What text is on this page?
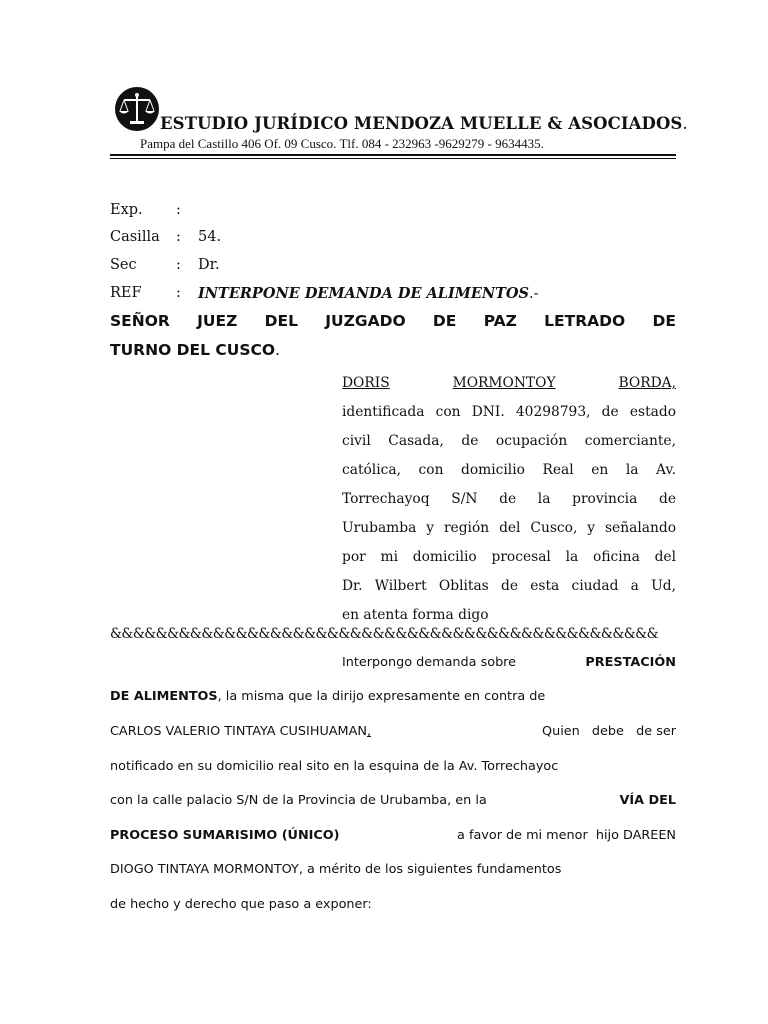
ESTUDIO JURÍDICO MENDOZA MUELLE & ASOCIADOS.
Pampa del Castillo 406 Of. 09 Cusco. Tlf. 084 - 232963 -9629279 - 9634435.
Exp. :
Casilla : 54.
Sec	: Dr.
REF : INTERPONE DEMANDA DE ALIMENTOS.-
SEÑOR JUEZ DEL JUZGADO DE PAZ LETRADO DE
TURNO DEL CUSCO.
DORIS	MORMONTOY	BORDA,
identificada con DNI. 40298793, de estado
civil Casada, de ocupación comerciante,
católica, con domicilio Real en la Av.
Torrechayoq S/N de la provincia de
Urubamba y región del Cusco, y señalando
por mi domicilio procesal la oficina del
Dr. Wilbert Oblitas de esta ciudad a Ud,
en atenta forma digo
&&&&&&&&&&&&&&&&&&&&&&&&&&&&&&&&&&&&&&&&&&&&&&&&
Interpongo demanda sobre	PRESTACIÓN
DE ALIMENTOS, la misma que la dirijo expresamente en contra de
CARLOS VALERIO TINTAYA CUSIHUAMAN ,	Quien   debe   de ser
notificado en su domicilio real sito en la esquina de la Av. Torrechayoc
con la calle palacio S/N de la Provincia de Urubamba, en la	VÍA DEL
PROCESO SUMARISIMO (ÚNICO)	a favor de mi menor  hijo DAREEN
DIOGO TINTAYA MORMONTOY, a mérito de los siguientes fundamentos
de hecho y derecho que paso a exponer:
